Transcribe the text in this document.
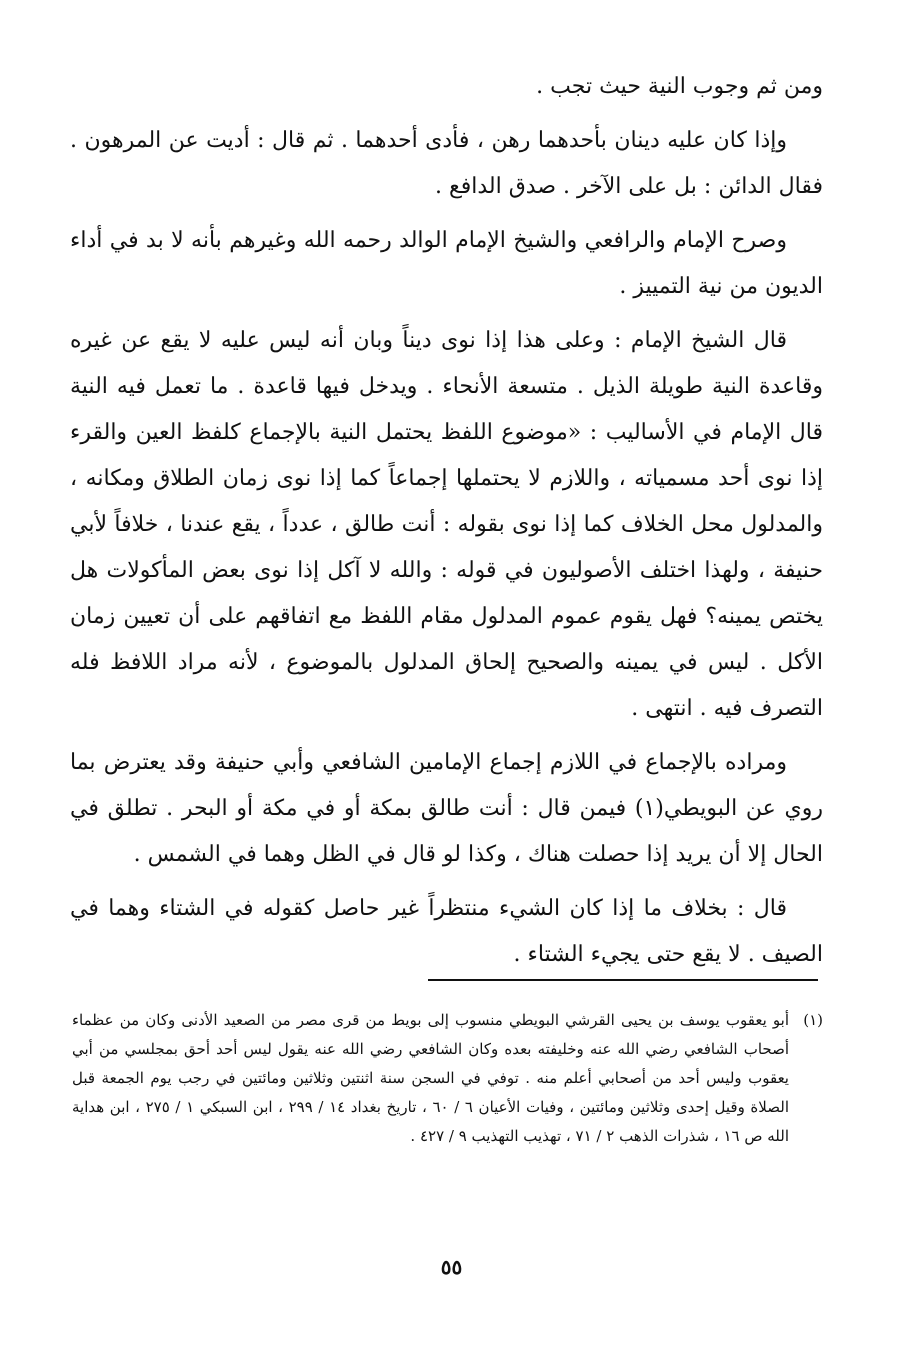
ومن ثم وجوب النية حيث تجب .

وإذا كان عليه دينان بأحدهما رهن ، فأدى أحدهما . ثم قال : أديت عن المرهون . فقال الدائن : بل على الآخر . صدق الدافع .

وصرح الإمام والرافعي والشيخ الإمام الوالد رحمه الله وغيرهم بأنه لا بد في أداء الديون من نية التمييز .

قال الشيخ الإمام : وعلى هذا إذا نوى ديناً وبان أنه ليس عليه لا يقع عن غيره وقاعدة النية طويلة الذيل . متسعة الأنحاء . ويدخل فيها قاعدة . ما تعمل فيه النية قال الإمام في الأساليب : «موضوع اللفظ يحتمل النية بالإجماع كلفظ العين والقرء إذا نوى أحد مسمياته ، واللازم لا يحتملها إجماعاً كما إذا نوى زمان الطلاق ومكانه ، والمدلول محل الخلاف كما إذا نوى بقوله : أنت طالق ، عدداً ، يقع عندنا ، خلافاً لأبي حنيفة ، ولهذا اختلف الأصوليون في قوله : والله لا آكل إذا نوى بعض المأكولات هل يختص يمينه؟ فهل يقوم عموم المدلول مقام اللفظ مع اتفاقهم على أن تعيين زمان الأكل . ليس في يمينه والصحيح إلحاق المدلول بالموضوع ، لأنه مراد اللافظ فله التصرف فيه . انتهى .

ومراده بالإجماع في اللازم إجماع الإمامين الشافعي وأبي حنيفة وقد يعترض بما روي عن البويطي(١) فيمن قال : أنت طالق بمكة أو في مكة أو البحر . تطلق في الحال إلا أن يريد إذا حصلت هناك ، وكذا لو قال في الظل وهما في الشمس .

قال : بخلاف ما إذا كان الشيء منتظراً غير حاصل كقوله في الشتاء وهما في الصيف . لا يقع حتى يجيء الشتاء .

(١)
أبو يعقوب يوسف بن يحيى القرشي البويطي منسوب إلى بويط من قرى مصر من الصعيد الأدنى وكان من عظماء أصحاب الشافعي رضي الله عنه وخليفته بعده وكان الشافعي رضي الله عنه يقول ليس أحد أحق بمجلسي من أبي يعقوب وليس أحد من أصحابي أعلم منه . توفي في السجن سنة اثنتين وثلاثين ومائتين في رجب يوم الجمعة قبل الصلاة وقيل إحدى وثلاثين ومائتين ، وفيات الأعيان ٦ / ٦٠ ، تاريخ بغداد ١٤ / ٢٩٩ ، ابن السبكي ١ / ٢٧٥ ، ابن هداية الله ص ١٦ ، شذرات الذهب ٢ / ٧١ ، تهذيب التهذيب ٩ / ٤٢٧ .
٥٥
